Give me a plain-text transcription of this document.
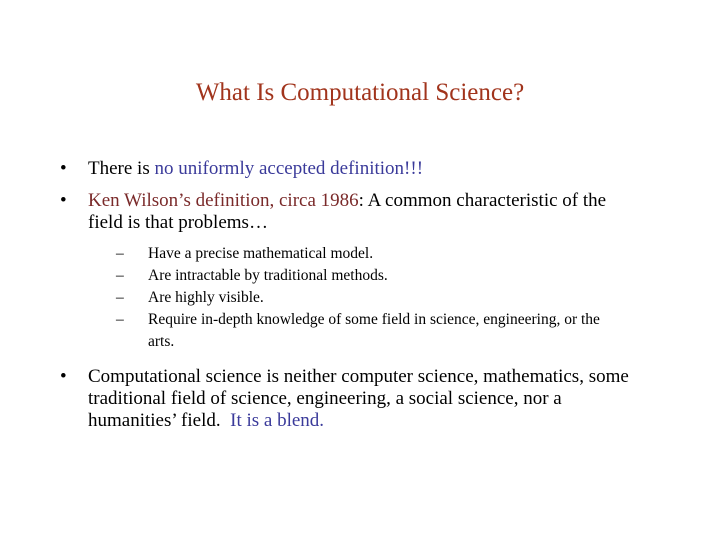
What Is Computational Science?
• There is no uniformly accepted definition!!!
• Ken Wilson’s definition, circa 1986: A common characteristic of the
field is that problems…
– Have a precise mathematical model.
– Are intractable by traditional methods.
– Are highly visible.
– Require in-depth knowledge of some field in science, engineering, or the
arts.
• Computational science is neither computer science, mathematics, some
traditional field of science, engineering, a social science, nor a
humanities’ field.  It is a blend.
